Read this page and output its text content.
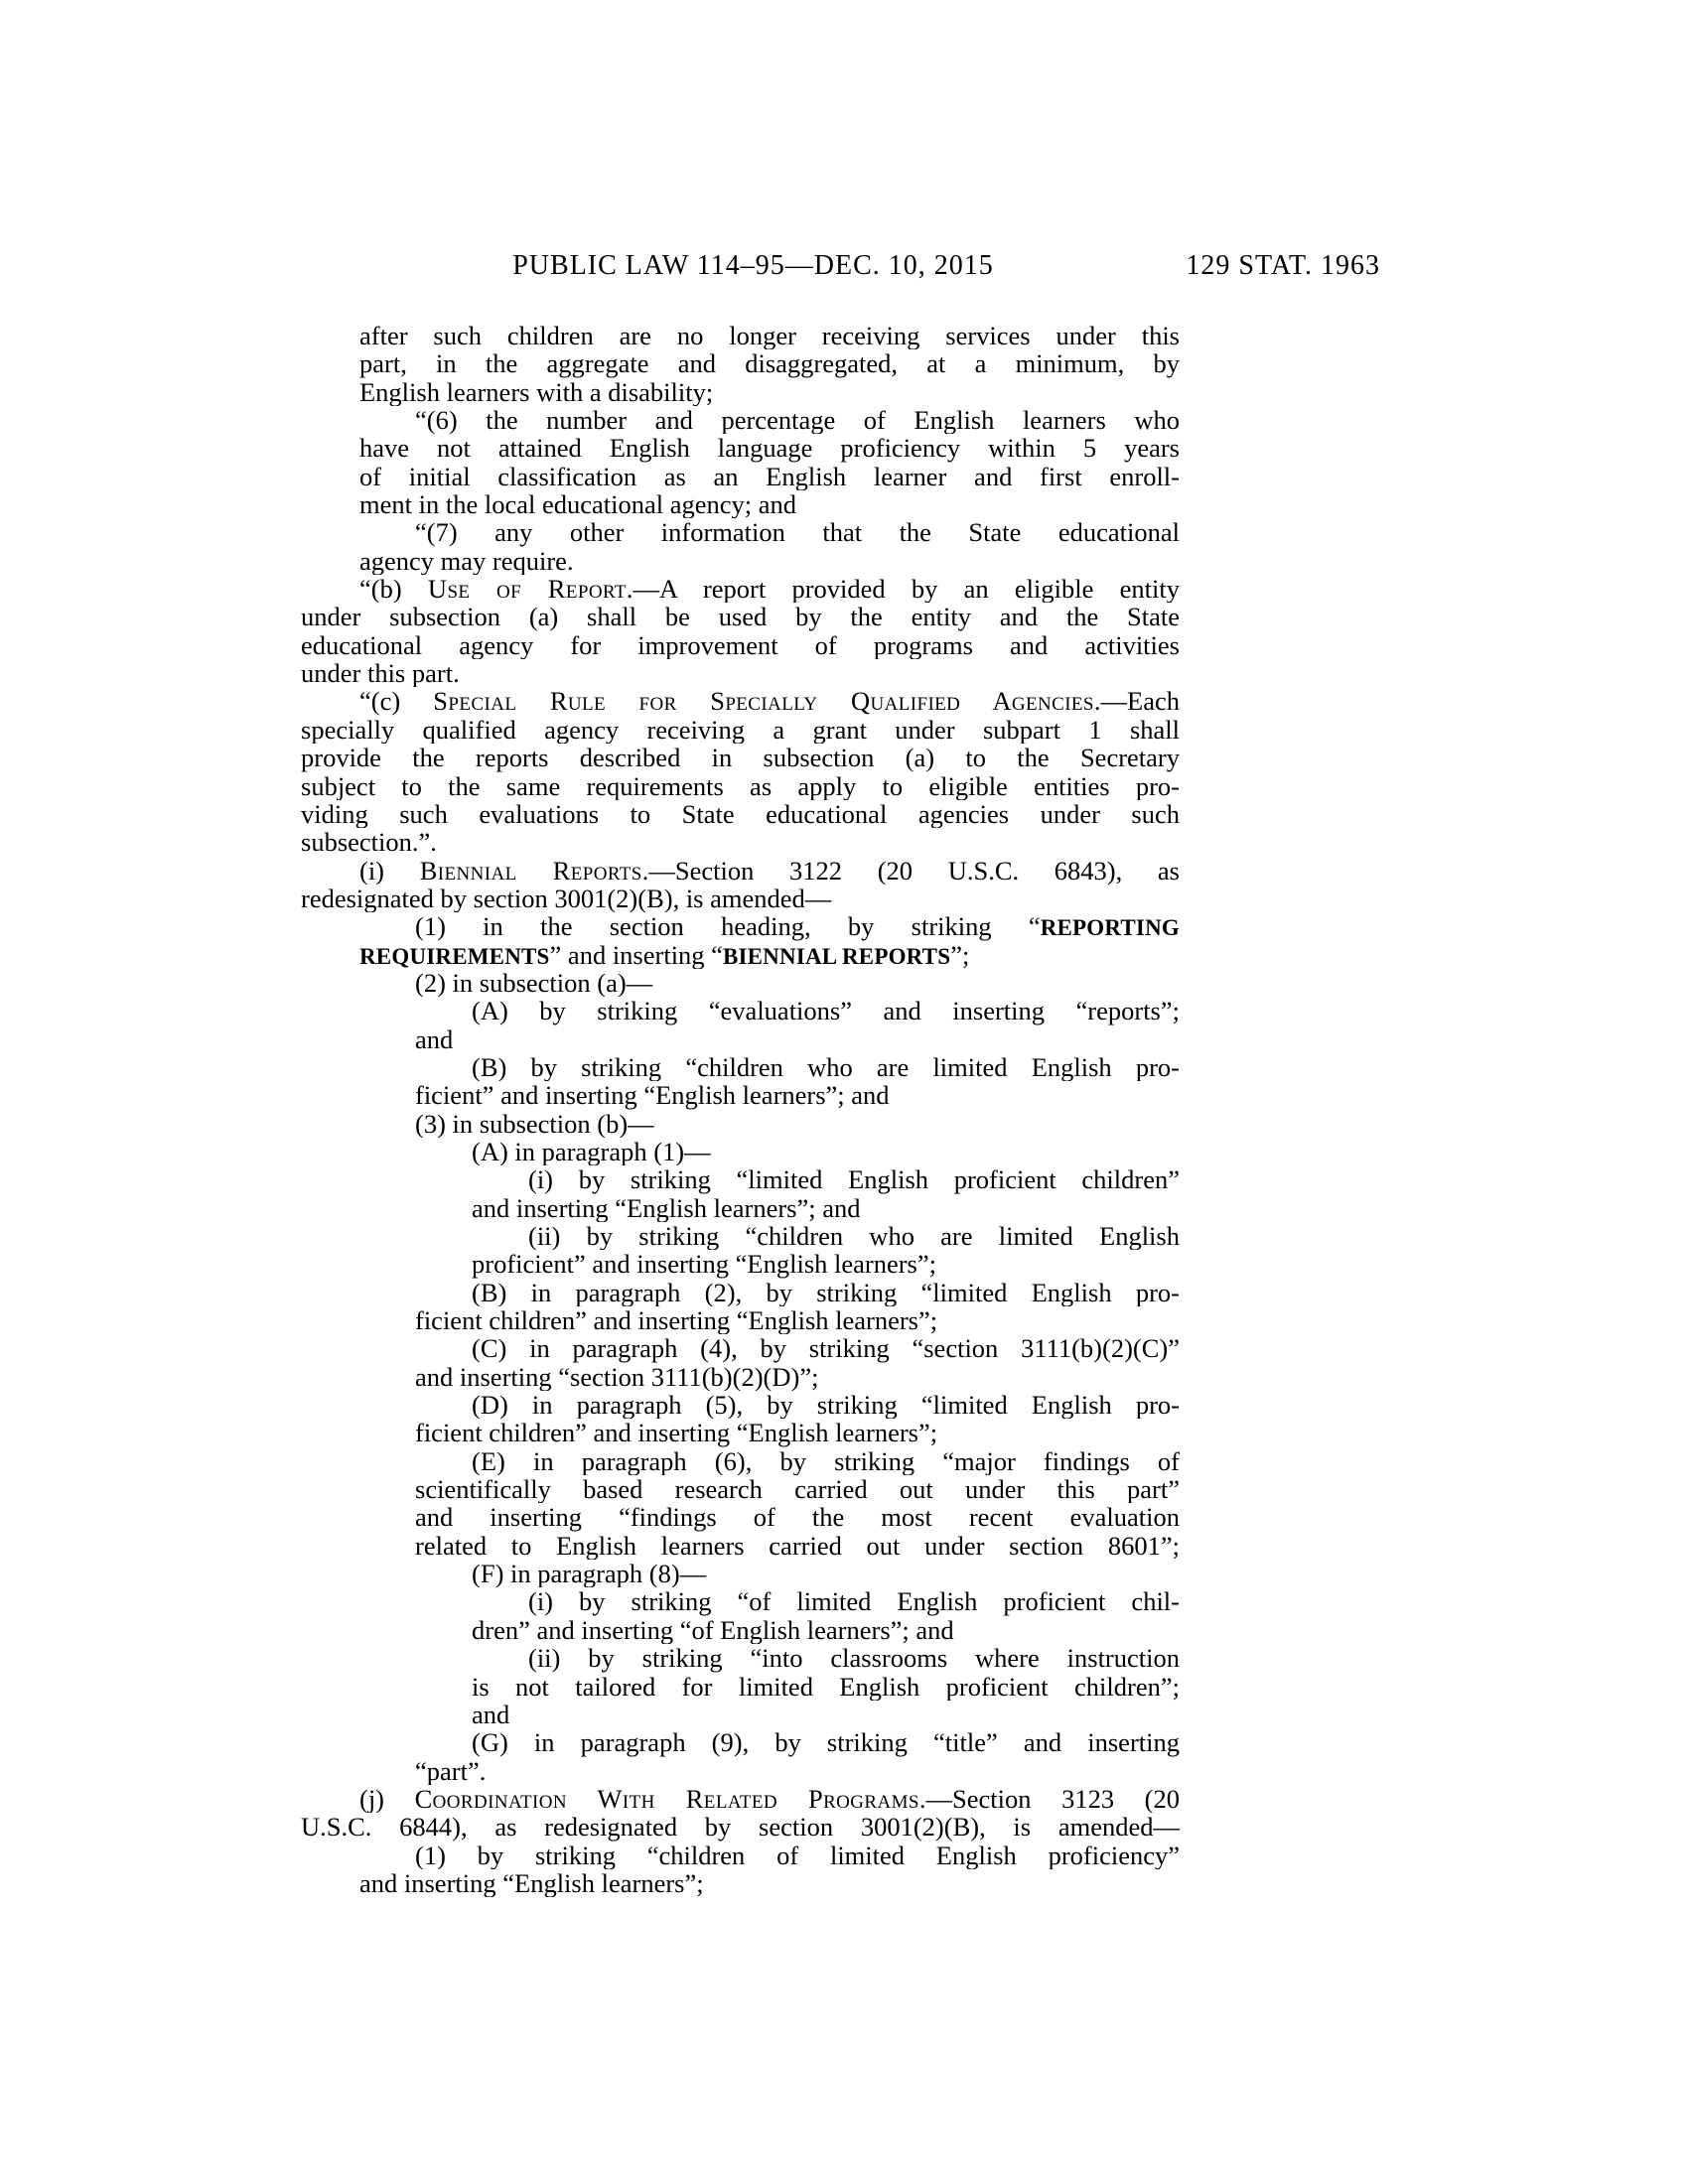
PUBLIC LAW 114–95—DEC. 10, 2015	129 STAT. 1963
after such children are no longer receiving services under this
part, in the aggregate and disaggregated, at a minimum, by
English learners with a disability;
“(6) the number and percentage of English learners who
have not attained English language proficiency within 5 years
of initial classification as an English learner and first enroll-
ment in the local educational agency; and
“(7) any other information that the State educational
agency may require.
“(b) Use of Report.—A report provided by an eligible entity
under subsection (a) shall be used by the entity and the State
educational agency for improvement of programs and activities
under this part.
“(c) Special Rule for Specially Qualified Agencies.—Each
specially qualified agency receiving a grant under subpart 1 shall
provide the reports described in subsection (a) to the Secretary
subject to the same requirements as apply to eligible entities pro-
viding such evaluations to State educational agencies under such
subsection.”.
(i) Biennial Reports.—Section 3122 (20 U.S.C. 6843), as
redesignated by section 3001(2)(B), is amended—
(1) in the section heading, by striking “REPORTING
REQUIREMENTS” and inserting “BIENNIAL REPORTS”;
(2) in subsection (a)—
(A) by striking “evaluations” and inserting “reports”;
and
(B) by striking “children who are limited English pro-
ficient” and inserting “English learners”; and
(3) in subsection (b)—
(A) in paragraph (1)—
(i) by striking “limited English proficient children”
and inserting “English learners”; and
(ii) by striking “children who are limited English
proficient” and inserting “English learners”;
(B) in paragraph (2), by striking “limited English pro-
ficient children” and inserting “English learners”;
(C) in paragraph (4), by striking “section 3111(b)(2)(C)”
and inserting “section 3111(b)(2)(D)”;
(D) in paragraph (5), by striking “limited English pro-
ficient children” and inserting “English learners”;
(E) in paragraph (6), by striking “major findings of
scientifically based research carried out under this part”
and inserting “findings of the most recent evaluation
related to English learners carried out under section 8601”;
(F) in paragraph (8)—
(i) by striking “of limited English proficient chil-
dren” and inserting “of English learners”; and
(ii) by striking “into classrooms where instruction
is not tailored for limited English proficient children”;
and
(G) in paragraph (9), by striking “title” and inserting
“part”.
(j) Coordination With Related Programs.—Section 3123 (20
U.S.C. 6844), as redesignated by section 3001(2)(B), is amended—
(1) by striking “children of limited English proficiency”
and inserting “English learners”;
